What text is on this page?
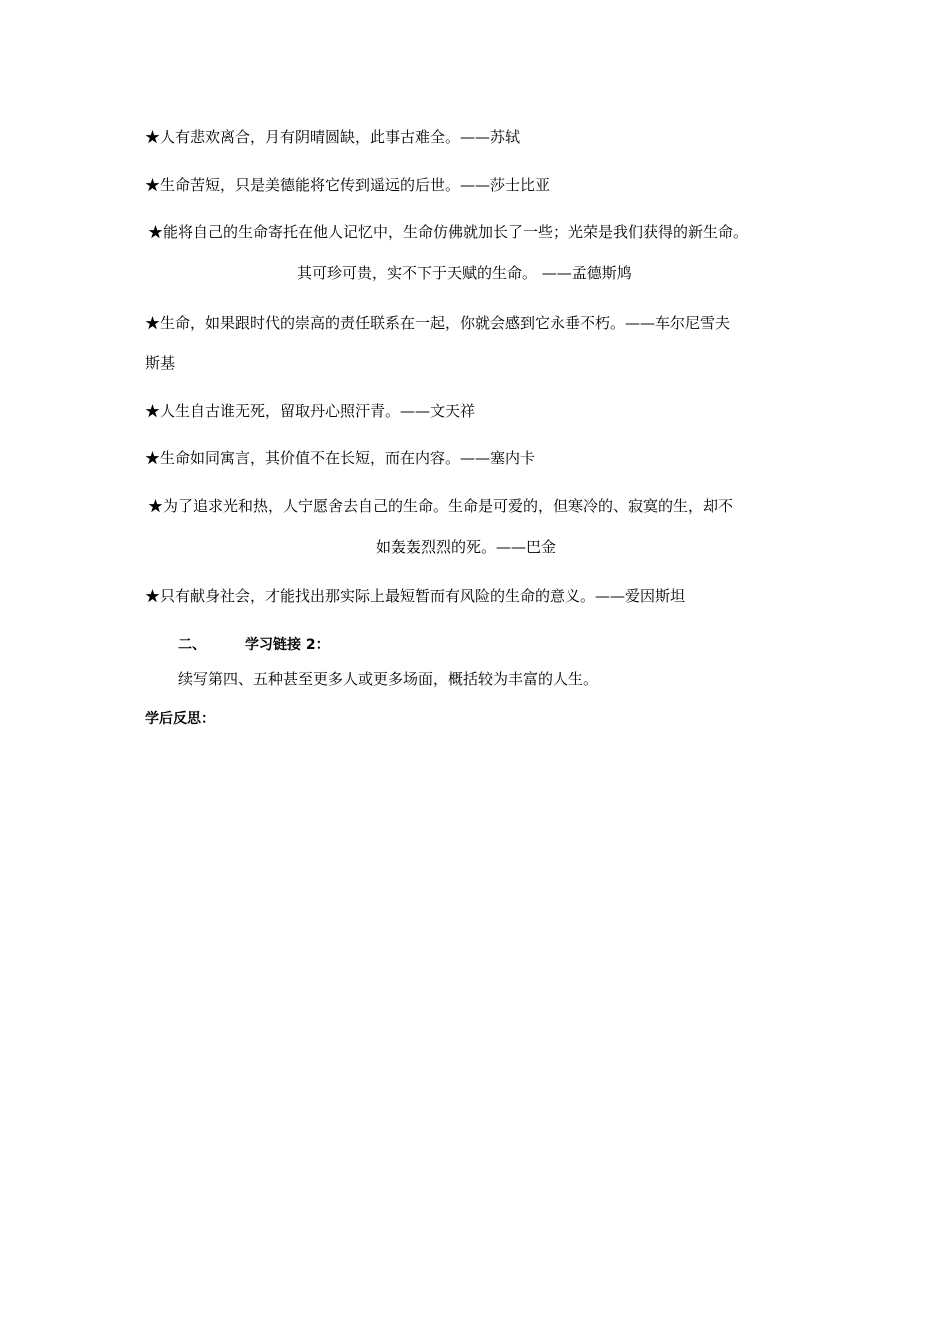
★人有悲欢离合，月有阴晴圆缺，此事古难全。——苏轼
★生命苦短，只是美德能将它传到遥远的后世。——莎士比亚
★能将自己的生命寄托在他人记忆中，生命仿佛就加长了一些；光荣是我们获得的新生命。
其可珍可贵，实不下于天赋的生命。 ——孟德斯鸠
★生命，如果跟时代的崇高的责任联系在一起，你就会感到它永垂不朽。——车尔尼雪夫
斯基
★人生自古谁无死，留取丹心照汗青。——文天祥
★生命如同寓言，其价值不在长短，而在内容。——塞内卡
★为了追求光和热，人宁愿舍去自己的生命。生命是可爱的，但寒冷的、寂寞的生，却不
如轰轰烈烈的死。——巴金
★只有献身社会，才能找出那实际上最短暂而有风险的生命的意义。——爱因斯坦
二、	学习链接 2：
续写第四、五种甚至更多人或更多场面，概括较为丰富的人生。
学后反思：
